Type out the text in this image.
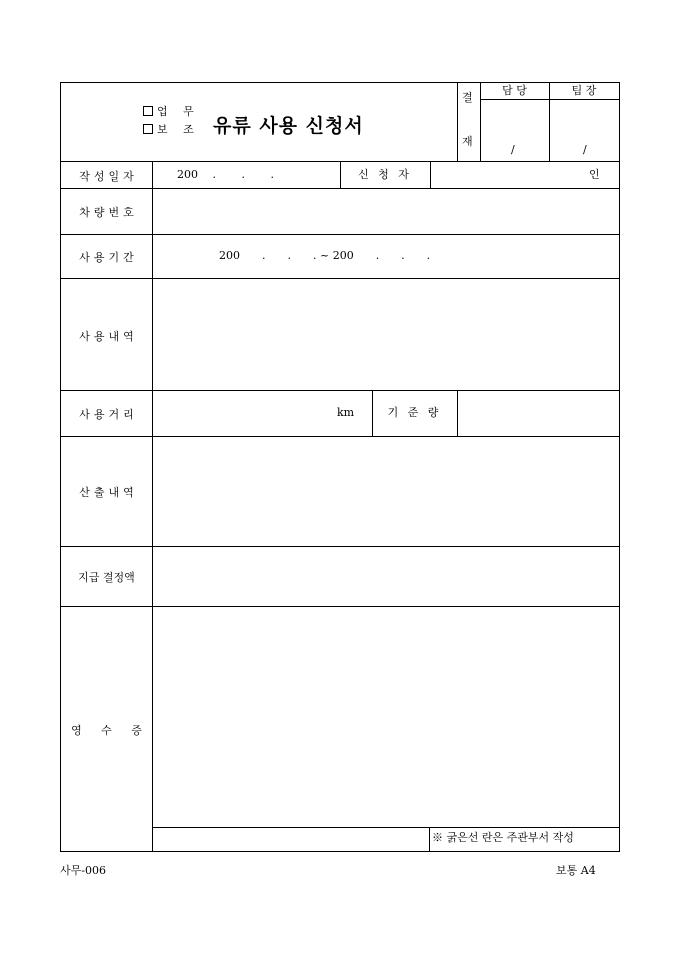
업 무
보 조 유류 사용 신청서
결
재
담 당	팀 장
/	/
작성일자	200　 .　　 .　　 .	신 청 자	인
차량번호
사용기간	200　　.　　.　　. ~ 200　　.　　.　　.
사용내역
사용거리	km	기 준 량
산출내역
지급 결정액
영 수 증
※ 굵은선 란은 주관부서 작성
사무-006	보통 A4
